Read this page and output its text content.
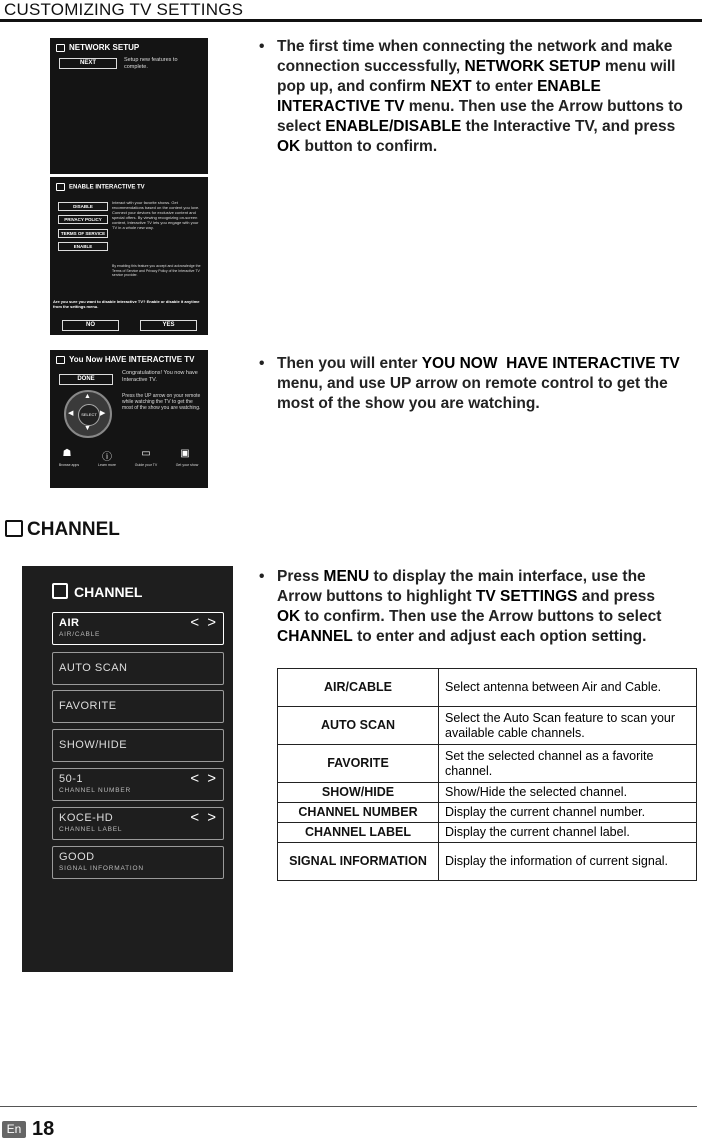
CUSTOMIZING TV SETTINGS
NETWORK SETUP
NEXT	Setup new features to complete.
ENABLE INTERACTIVE TV
DISABLE
PRIVACY POLICY
TERMS OF SERVICE
ENABLE
Interact with your favorite shows. Get recommendations based on the content you love. Connect your devices for exclusive content and special offers. By viewing recognizing on-screen content, Interactive TV lets you engage with your TV in a whole new way.
By enabling this feature you accept and acknowledge the Terms of Service and Privacy Policy of the Interactive TV service provider.
Are you sure you want to disable Interactive TV? Enable or disable it anytime from the settings menu.
NO	YES
You Now HAVE INTERACTIVE TV
DONE
Congratulations! You now have Interactive TV.
Press the UP arrow on your remote while watching the TV to get the most of the show you are watching.
SELECT
▲
▼
◀	▶
☗	ⓘ	▭	▣
Browse apps	Learn more	Guide your TV	Get your show
• The first time when connecting the network and make connection successfully, NETWORK SETUP menu will pop up, and confirm NEXT to enter ENABLE INTERACTIVE TV menu. Then use the Arrow buttons to select ENABLE/DISABLE the Interactive TV, and press OK button to confirm.
• Then you will enter YOU NOW  HAVE INTERACTIVE TV menu, and use UP arrow on remote control to get the most of the show you are watching.
CHANNEL
CHANNEL
AIR
AIR/CABLE
< >
AUTO SCAN
FAVORITE
SHOW/HIDE
50-1
CHANNEL NUMBER
< >
KOCE-HD
CHANNEL LABEL
< >
GOOD
SIGNAL INFORMATION
• Press MENU to display the main interface, use the Arrow buttons to highlight TV SETTINGS and press OK to confirm. Then use the Arrow buttons to select CHANNEL to enter and adjust each option setting.
AIR/CABLE	Select antenna between Air and Cable.
AUTO SCAN	Select the Auto Scan feature to scan your available cable channels.
FAVORITE	Set the selected channel as a favorite channel.
SHOW/HIDE	Show/Hide the selected channel.
CHANNEL NUMBER	Display the current channel number.
CHANNEL LABEL	Display the current channel label.
SIGNAL INFORMATION	Display the information of current signal.
En 18
